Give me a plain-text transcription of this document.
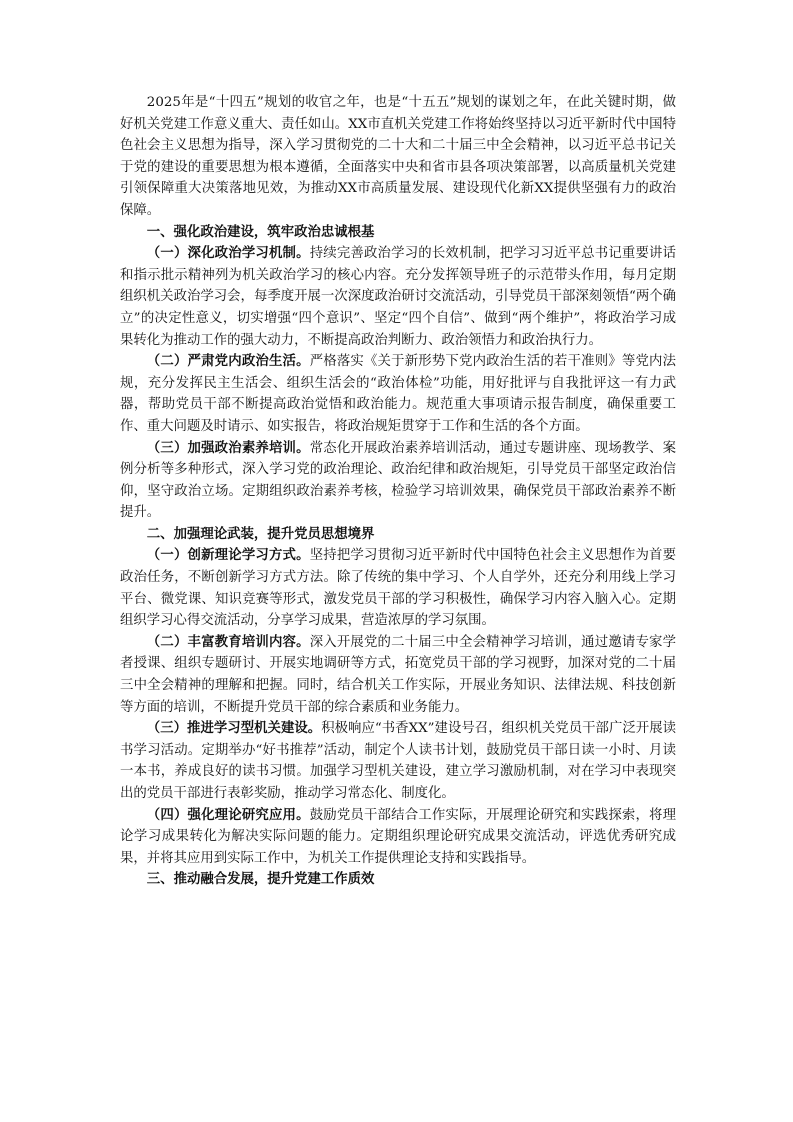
2025年是“十四五”规划的收官之年，也是“十五五”规划的谋划之年，在此关键时期，做好机关党建工作意义重大、责任如山。XX市直机关党建工作将始终坚持以习近平新时代中国特色社会主义思想为指导，深入学习贯彻党的二十大和二十届三中全会精神，以习近平总书记关于党的建设的重要思想为根本遵循，全面落实中央和省市县各项决策部署，以高质量机关党建引领保障重大决策落地见效，为推动XX市高质量发展、建设现代化新XX提供坚强有力的政治保障。

一、强化政治建设，筑牢政治忠诚根基

（一）深化政治学习机制。持续完善政治学习的长效机制，把学习习近平总书记重要讲话和指示批示精神列为机关政治学习的核心内容。充分发挥领导班子的示范带头作用，每月定期组织机关政治学习会，每季度开展一次深度政治研讨交流活动，引导党员干部深刻领悟“两个确立”的决定性意义，切实增强“四个意识”、坚定“四个自信”、做到“两个维护”，将政治学习成果转化为推动工作的强大动力，不断提高政治判断力、政治领悟力和政治执行力。

（二）严肃党内政治生活。严格落实《关于新形势下党内政治生活的若干准则》等党内法规，充分发挥民主生活会、组织生活会的“政治体检”功能，用好批评与自我批评这一有力武器，帮助党员干部不断提高政治觉悟和政治能力。规范重大事项请示报告制度，确保重要工作、重大问题及时请示、如实报告，将政治规矩贯穿于工作和生活的各个方面。

（三）加强政治素养培训。常态化开展政治素养培训活动，通过专题讲座、现场教学、案例分析等多种形式，深入学习党的政治理论、政治纪律和政治规矩，引导党员干部坚定政治信仰，坚守政治立场。定期组织政治素养考核，检验学习培训效果，确保党员干部政治素养不断提升。

二、加强理论武装，提升党员思想境界

（一）创新理论学习方式。坚持把学习贯彻习近平新时代中国特色社会主义思想作为首要政治任务，不断创新学习方式方法。除了传统的集中学习、个人自学外，还充分利用线上学习平台、微党课、知识竞赛等形式，激发党员干部的学习积极性，确保学习内容入脑入心。定期组织学习心得交流活动，分享学习成果，营造浓厚的学习氛围。

（二）丰富教育培训内容。深入开展党的二十届三中全会精神学习培训，通过邀请专家学者授课、组织专题研讨、开展实地调研等方式，拓宽党员干部的学习视野，加深对党的二十届三中全会精神的理解和把握。同时，结合机关工作实际，开展业务知识、法律法规、科技创新等方面的培训，不断提升党员干部的综合素质和业务能力。

（三）推进学习型机关建设。积极响应“书香XX”建设号召，组织机关党员干部广泛开展读书学习活动。定期举办“好书推荐”活动，制定个人读书计划，鼓励党员干部日读一小时、月读一本书，养成良好的读书习惯。加强学习型机关建设，建立学习激励机制，对在学习中表现突出的党员干部进行表彰奖励，推动学习常态化、制度化。

（四）强化理论研究应用。鼓励党员干部结合工作实际，开展理论研究和实践探索，将理论学习成果转化为解决实际问题的能力。定期组织理论研究成果交流活动，评选优秀研究成果，并将其应用到实际工作中，为机关工作提供理论支持和实践指导。

三、推动融合发展，提升党建工作质效
